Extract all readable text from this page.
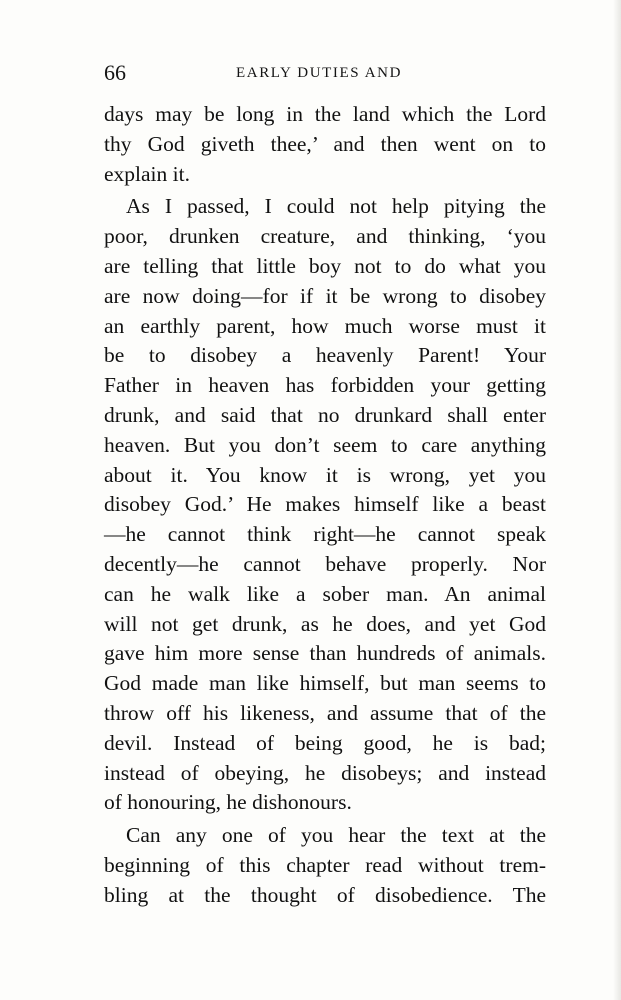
66	EARLY DUTIES AND

days may be long in the land which the Lord
thy God giveth thee,’ and then went on to
explain it.

As I passed, I could not help pitying the
poor, drunken creature, and thinking, ‘you
are telling that little boy not to do what you
are now doing—for if it be wrong to disobey
an earthly parent, how much worse must it
be to disobey a heavenly Parent! Your
Father in heaven has forbidden your getting
drunk, and said that no drunkard shall enter
heaven. But you don’t seem to care anything
about it. You know it is wrong, yet you
disobey God.’ He makes himself like a beast
—he cannot think right—he cannot speak
decently—he cannot behave properly. Nor
can he walk like a sober man. An animal
will not get drunk, as he does, and yet God
gave him more sense than hundreds of animals.
God made man like himself, but man seems to
throw off his likeness, and assume that of the
devil. Instead of being good, he is bad;
instead of obeying, he disobeys; and instead
of honouring, he dishonours.

Can any one of you hear the text at the
beginning of this chapter read without trem-
bling at the thought of disobedience. The
